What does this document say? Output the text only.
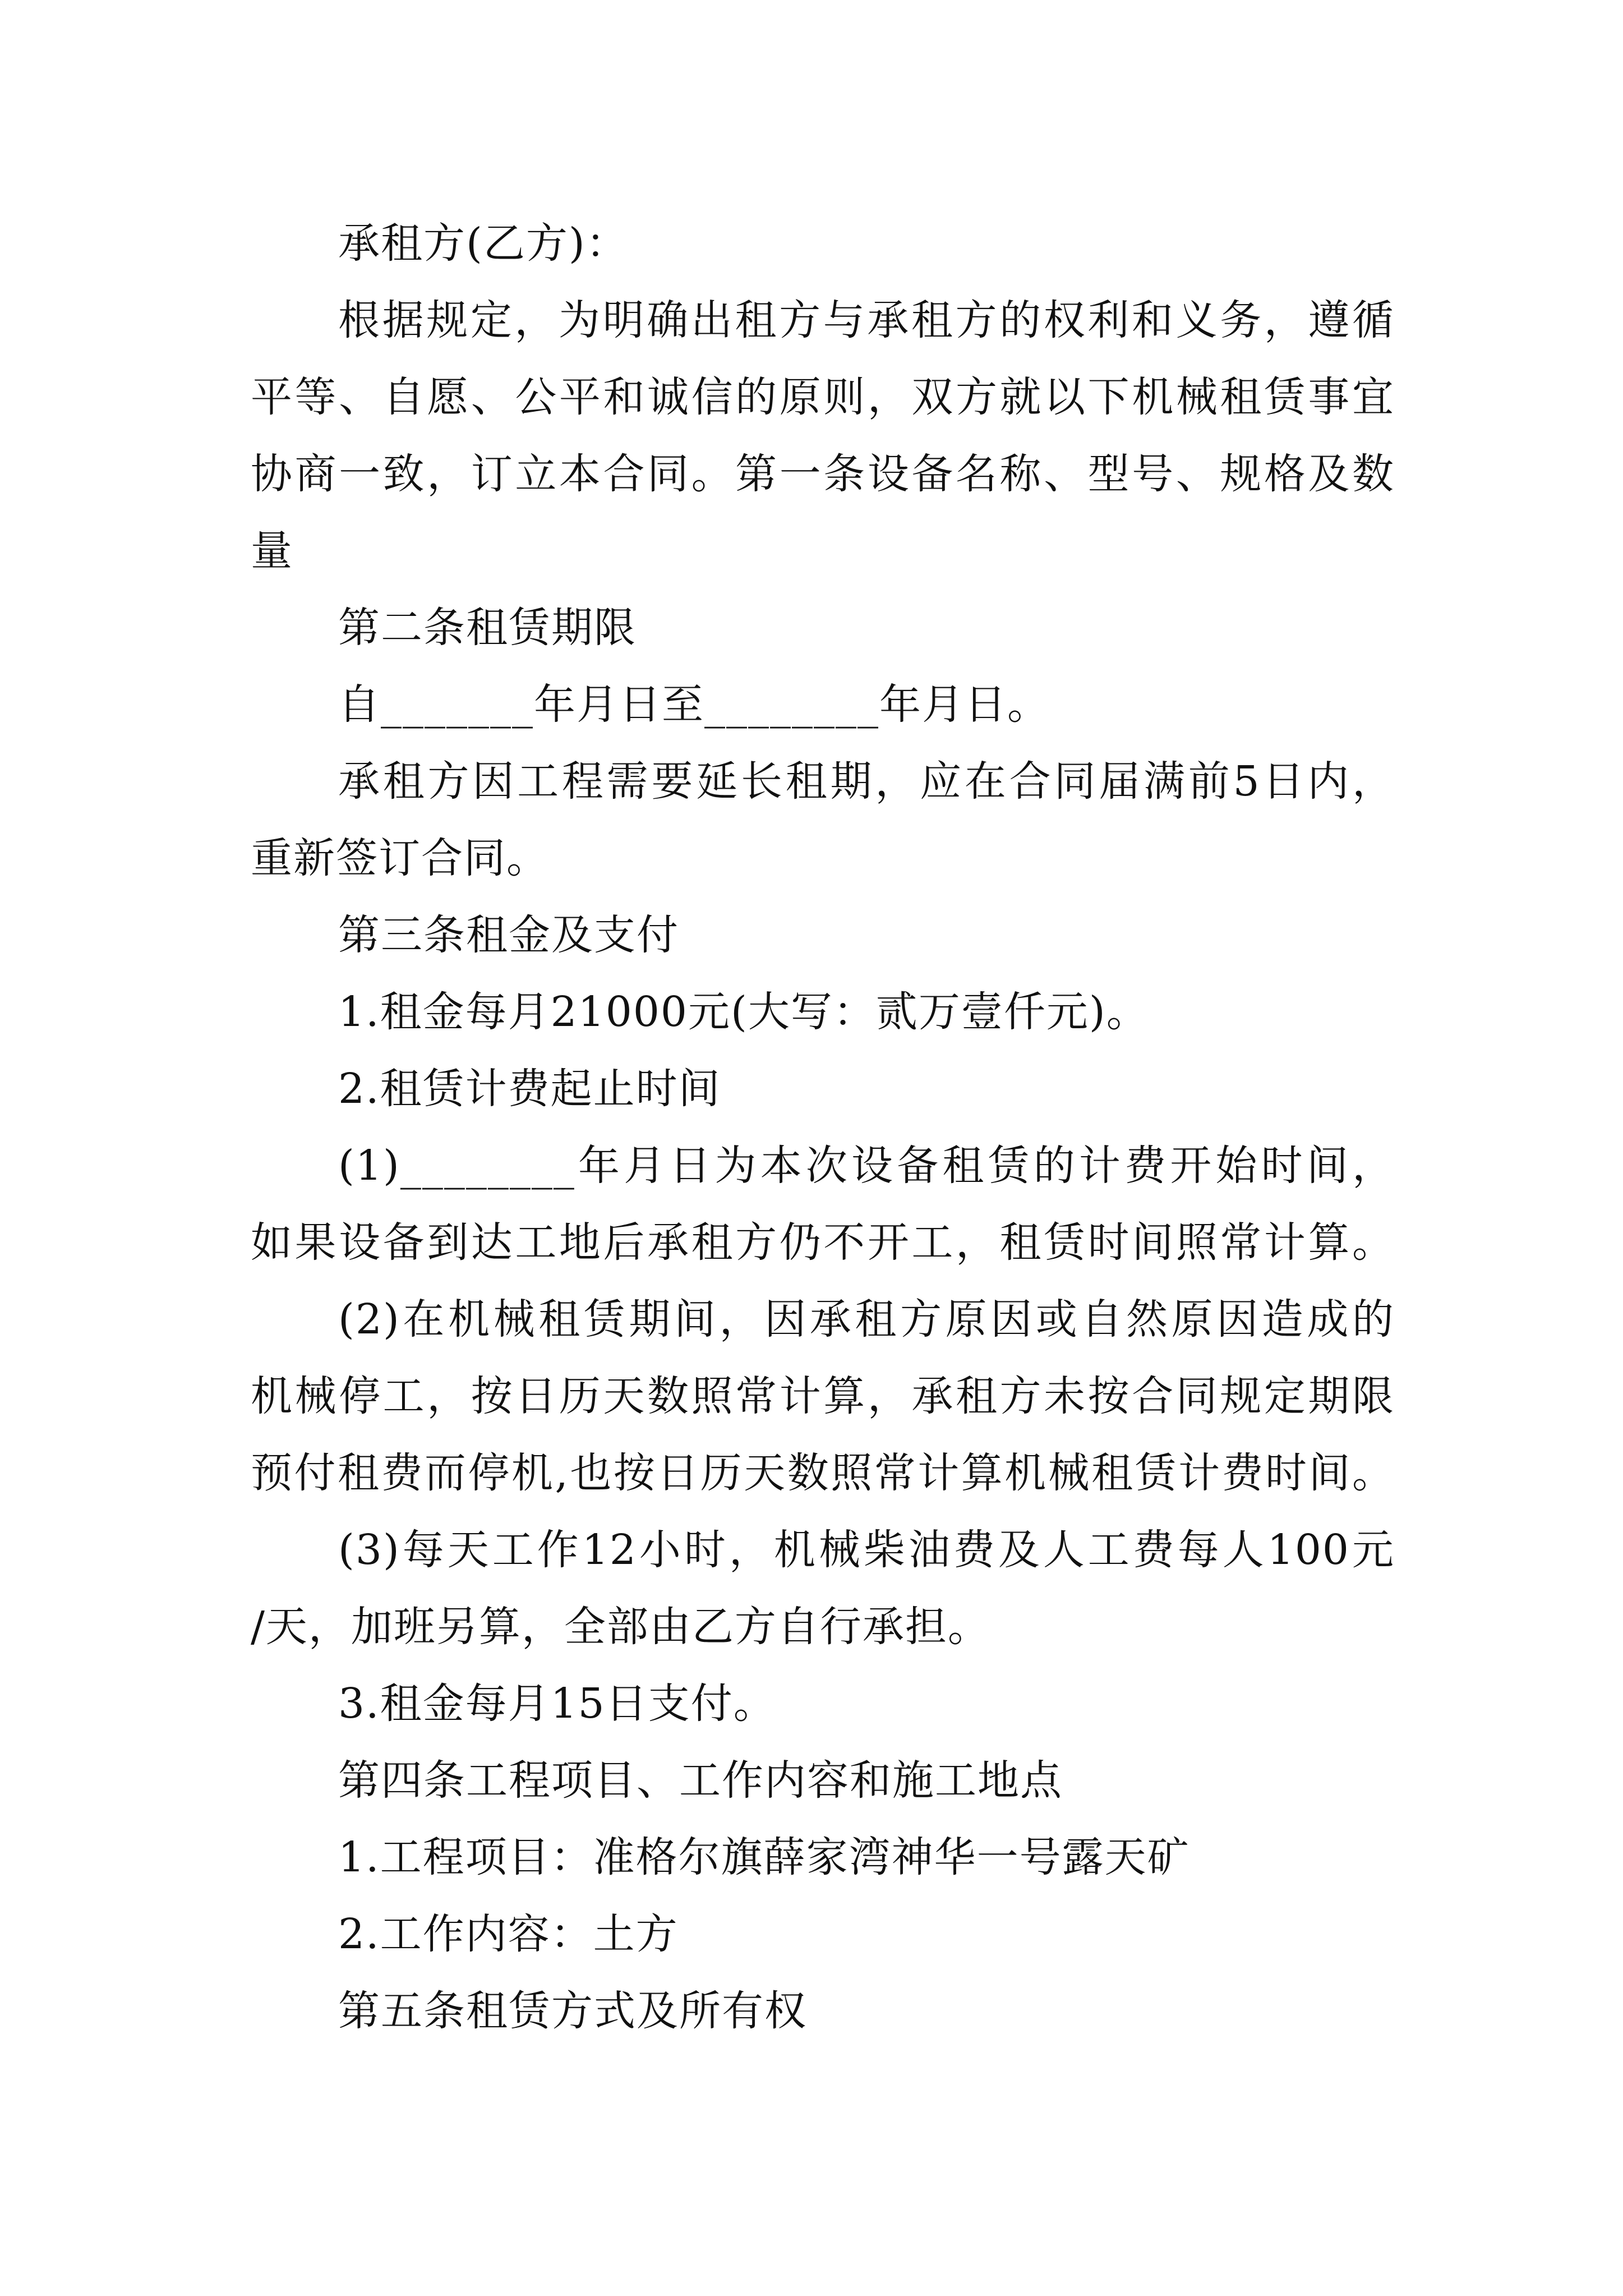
承租方(乙方)：
根据规定，为明确出租方与承租方的权利和义务，遵循
平等、自愿、公平和诚信的原则，双方就以下机械租赁事宜
协商一致，订立本合同。第一条设备名称、型号、规格及数
量
第二条租赁期限
自_______年月日至________年月日。
承租方因工程需要延长租期，应在合同届满前5日内，
重新签订合同。
第三条租金及支付
1.租金每月21000元(大写：贰万壹仟元)。
2.租赁计费起止时间
(1)________年月日为本次设备租赁的计费开始时间，
如果设备到达工地后承租方仍不开工，租赁时间照常计算。
(2)在机械租赁期间，因承租方原因或自然原因造成的
机械停工，按日历天数照常计算，承租方未按合同规定期限
预付租费而停机,也按日历天数照常计算机械租赁计费时间。
(3)每天工作12小时，机械柴油费及人工费每人100元
/天，加班另算，全部由乙方自行承担。
3.租金每月15日支付。
第四条工程项目、工作内容和施工地点
1.工程项目：准格尔旗薛家湾神华一号露天矿
2.工作内容：土方
第五条租赁方式及所有权
